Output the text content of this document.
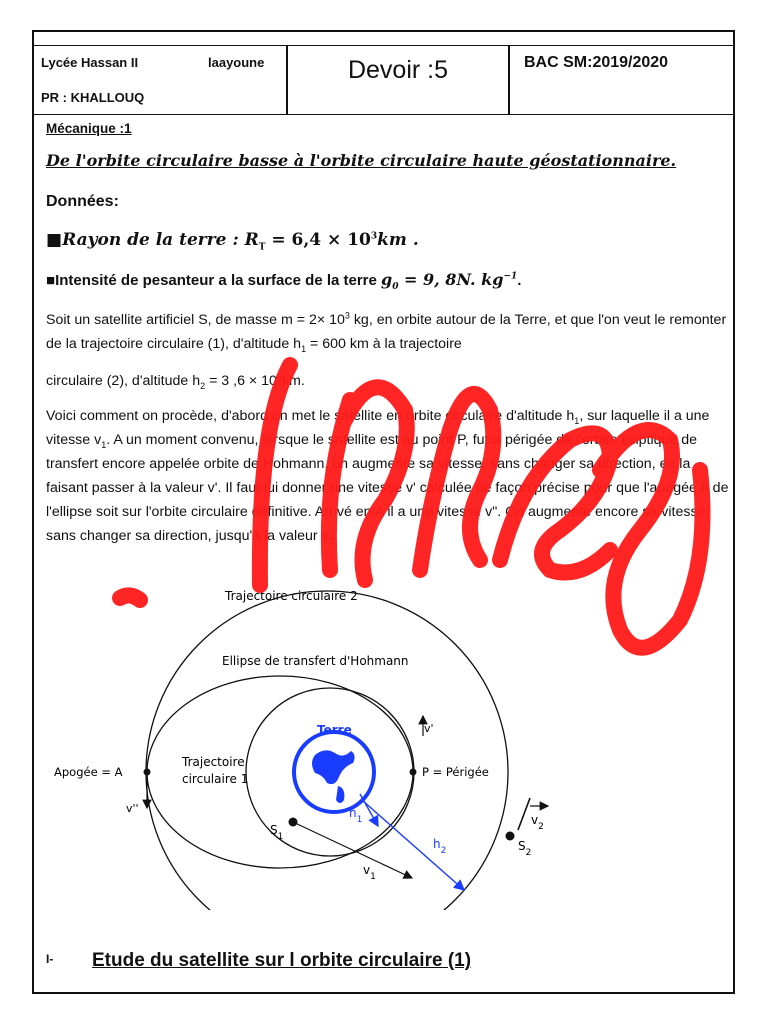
Lycée Hassan II	laayoune
PR : KHALLOUQ
Devoir :5	BAC SM:2019/2020
Mécanique :1
De l'orbite circulaire basse à l'orbite circulaire haute géostationnaire.
Données:
■Rayon de la terre : $R_T = 6,4 \times 10^3km$ .
■Intensité de pesanteur a la surface de la terre $g_0 = 9$, 8N. $kg^{-1}$.
Soit un satellite artificiel S, de masse $m = 2\times 10^3$ kg, en orbite autour de la Terre, et que l'on veut le remonter de la trajectoire circulaire (1), d'altitude $h_1 = 600$ km à la trajectoire
circulaire (2), d'altitude $h_2 = 3$ $,6 \times 10^4km$.
Voici comment on procède, d'abord on met le satellite en orbite circulaire d'altitude $h_1$, sur laquelle il a une vitesse $v_1$. A un moment convenu, lorsque le satellite est au point P, futur périgée de l'orbite elliptique de transfert encore appelée orbite de Hohmann, on augmente sa vitesse, sans changer sa direction, en la faisant passer à la valeur v'. Il faut lui donner une vitesse v' calculée de façon précise pour que l'apogée A de l'ellipse soit sur l'orbite circulaire définitive. Arrivé en A il a une vitesse v". On augmente encore sa vitesse, sans changer sa direction, jusqu'à la valeur $v_2$.
Trajectoire circulaire 2
Ellipse de transfert d'Hohmann
Terre
Trajectoire
circulaire 1
Apogée = A
v''
P = Périgée
v'
$S_1$
$v_1$
$S_2$
$v_2$
$h_1$
$h_2$
I- Etude du satellite sur l orbite circulaire (1)
